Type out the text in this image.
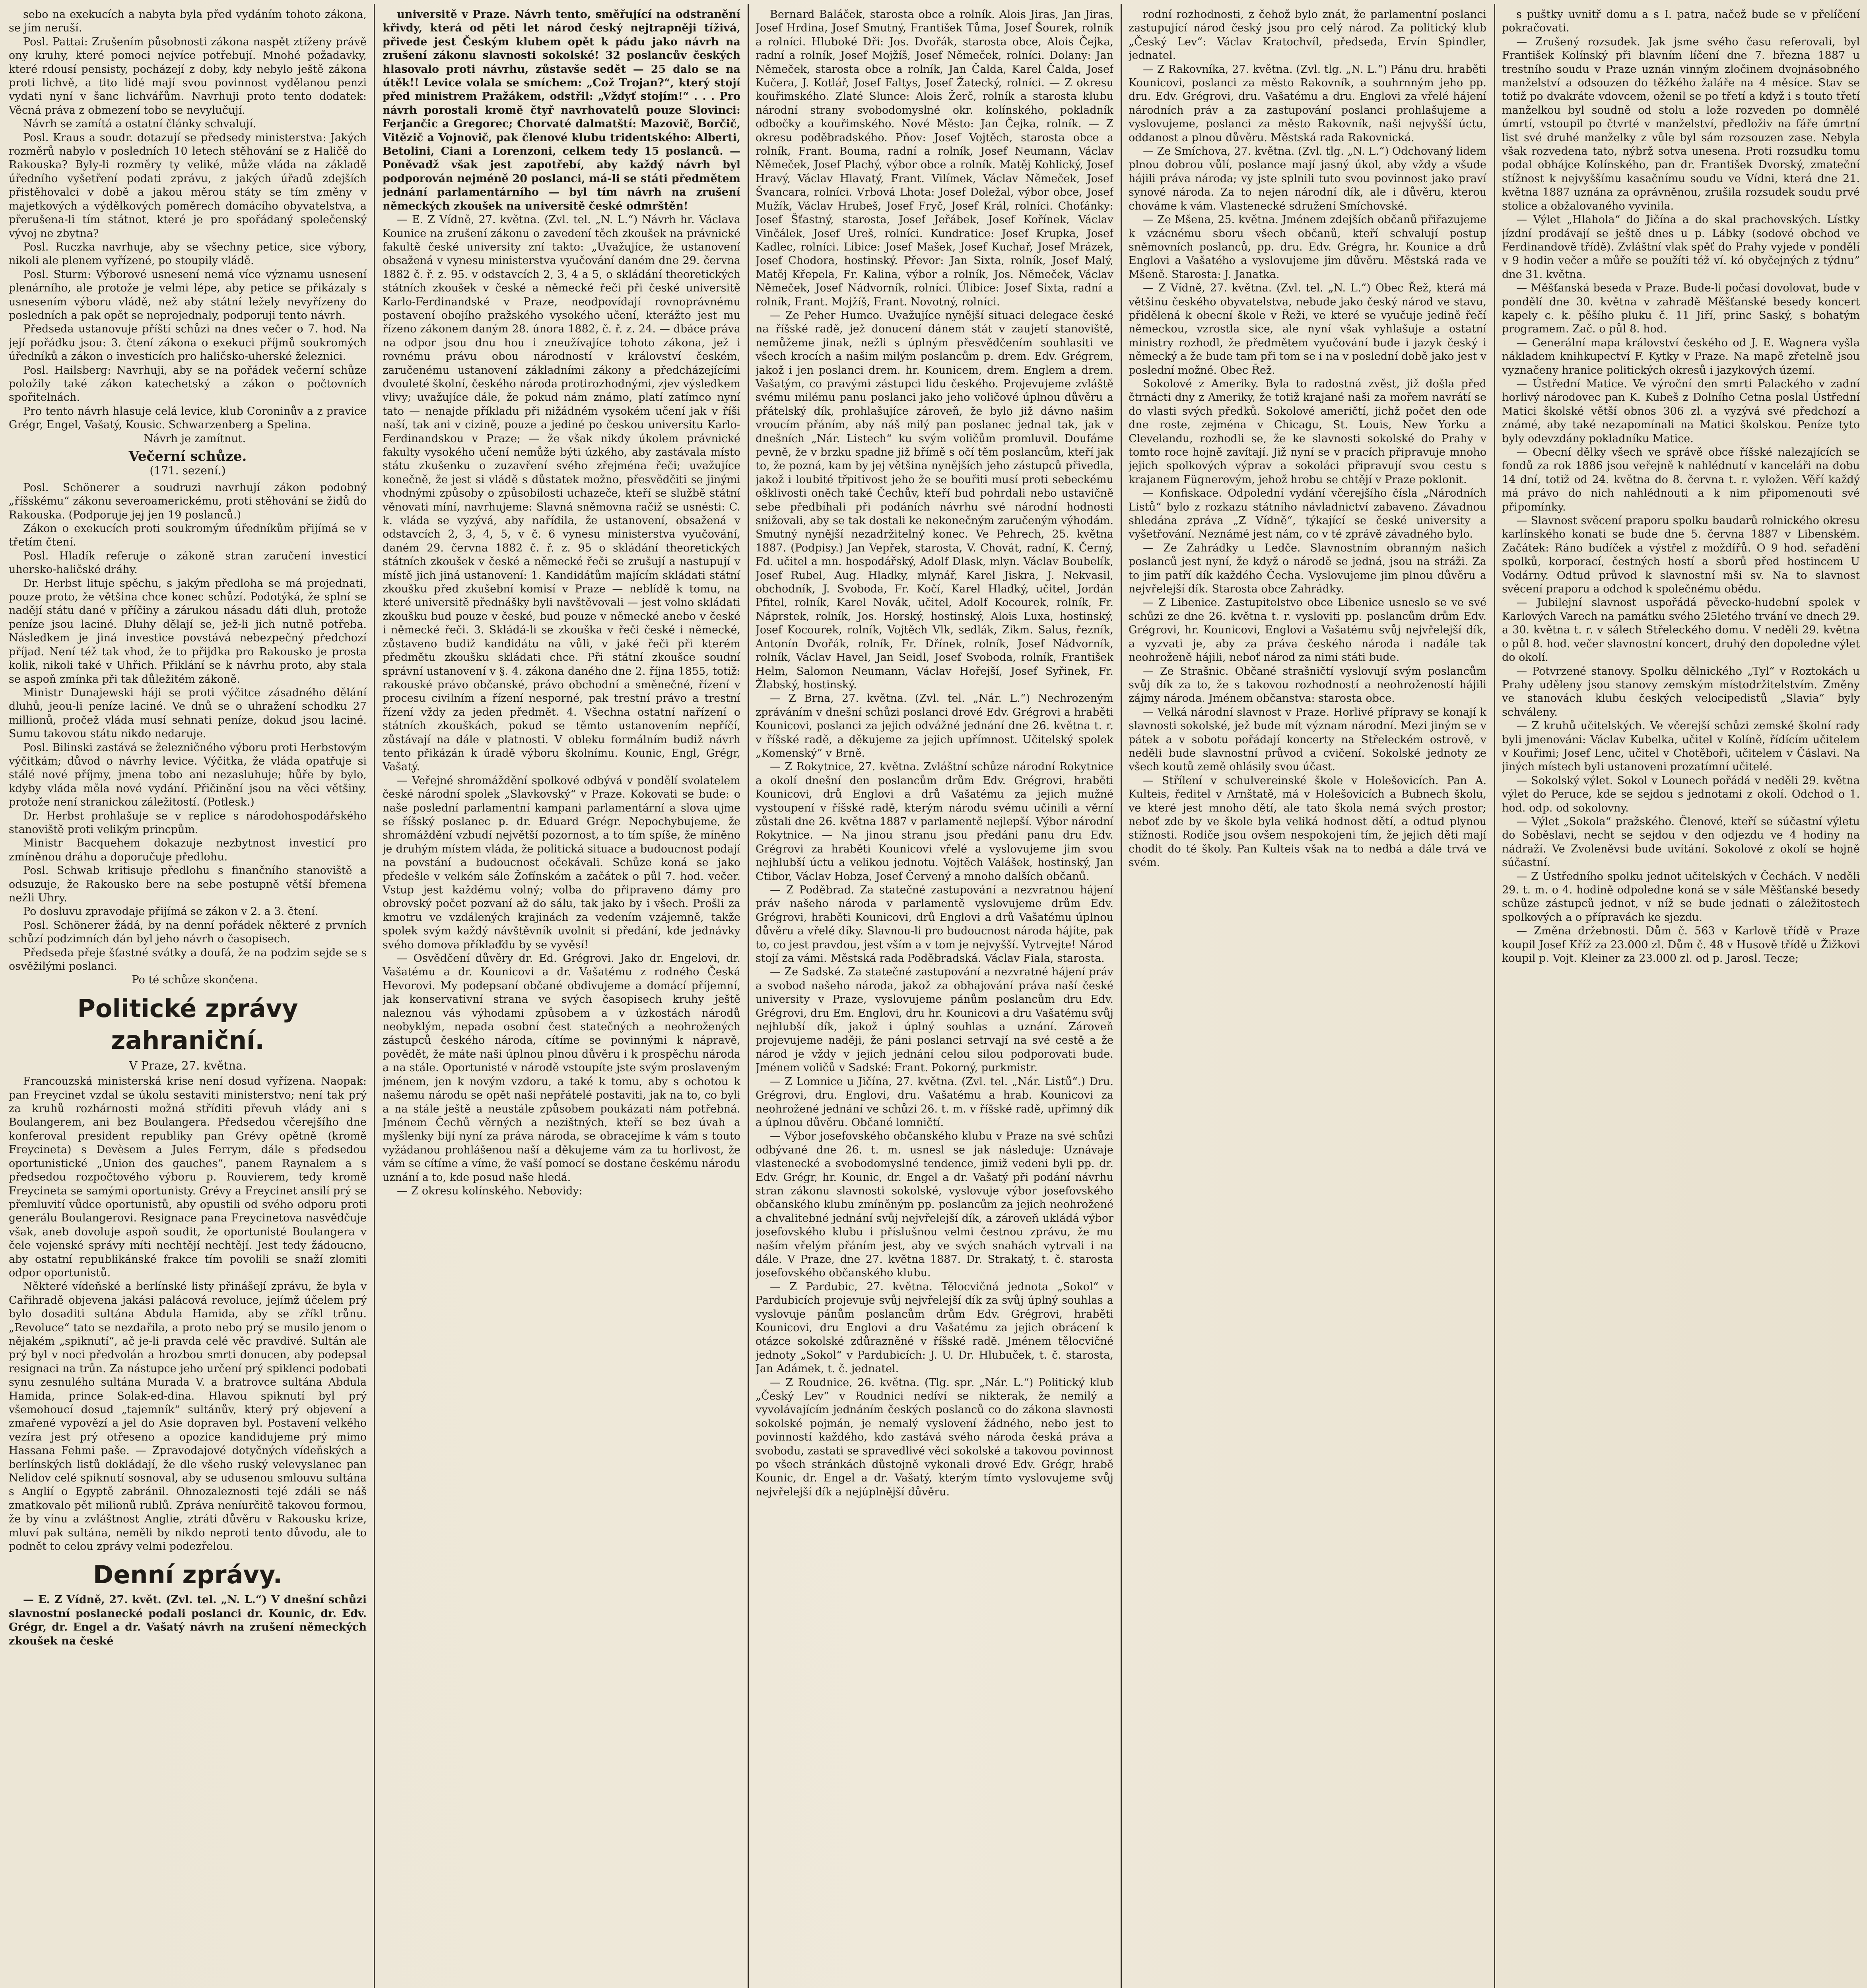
sebo na exekucích a nabyta byla před vydáním tohoto zákona, se jím neruší.

Posl. Pattai: Zrušením působnosti zákona naspět ztíženy právě ony kruhy, které pomoci nejvíce potřebují. Mnohé požadavky, které rdousí pensisty, pocházejí z doby, kdy nebylo ještě zákona proti lichvě, a tito lidé mají svou povinnost vydělanou penzi vydati nyní v šanc lichvářům. Navrhuji proto tento dodatek: Věcná práva z obmezení tobo se nevylučují.

Návrh se zamítá a ostatní články schvalují.

Posl. Kraus a soudr. dotazují se předsedy ministerstva: Jakých rozměrů nabylo v posledních 10 letech stěhování se z Haličě do Rakouska? Byly-li rozměry ty veliké, může vláda na základě úředního vyšetření podati zprávu, z jakých úřadů zdejších přistěhovalci v době a jakou měrou státy se tím změny v majetkových a výdělkových poměrech domácího obyvatelstva, a přerušena-li tím státnot, které je pro spořádaný společenský vývoj ne zbytna?

Posl. Ruczka navrhuje, aby se všechny petice, sice výbory, nikoli ale plenem vyřízené, po stoupily vládě.

Posl. Sturm: Výborové usnesení nemá více významu usnesení plenárního, ale protože je velmi lépe, aby petice se přikázaly s usnesením výboru vládě, než aby státní ležely nevyřízeny do posledních a pak opět se neprojednaly, podporuji tento návrh.

Předseda ustanovuje příští schůzi na dnes večer o 7. hod. Na její pořádku jsou: 3. čtení zákona o exekuci příjmů soukromých úředníků a zákon o investicích pro haličsko-uherské železnici.

Posl. Hailsberg: Navrhuji, aby se na pořádek večerní schůze položily také zákon katechetský a zákon o počtovních spořitelnách.

Pro tento návrh hlasuje celá levice, klub Coroninův a z pravice Grégr, Engel, Vašatý, Kousic. Schwarzenberg a Spelina.

Návrh je zamítnut.

Večerní schůze.
(171. sezení.)

Posl. Schönerer a soudruzi navrhují zákon podobný „říšskému“ zákonu severoamerickému, proti stěhování se židů do Rakouska. (Podporuje jej jen 19 poslanců.)

Zákon o exekucích proti soukromým úředníkům přijímá se v třetím čtení.

Posl. Hladík referuje o zákoně stran zaručení investicí uhersko-haličské dráhy.

Dr. Herbst lituje spěchu, s jakým předloha se má projednati, pouze proto, že většina chce konec schůzí. Podotýká, že splní se nadějí státu dané v příčiny a zárukou násadu dáti dluh, protože peníze jsou laciné. Dluhy dělají se, jež-li jich nutně potřeba. Následkem je jiná investice povstává nebezpečný předchozí příjad. Není též tak vhod, že to přijdka pro Rakousko je prosta kolik, nikoli také v Uhřich. Přiklání se k návrhu proto, aby stala se aspoň zmínka při tak důležitém zákoně.

Ministr Dunajewski háji se proti výčitce zásadného dělání dluhů, jeou-li peníze laciné. Ve dnů se o uhražení schodku 27 millionů, pročež vláda musí sehnati peníze, dokud jsou laciné. Sumu takovou státu nikdo nedaruje.

Posl. Bilinski zastává se železničného výboru proti Herbstovým výčitkám; důvod o návrhy levice. Výčitka, že vláda opatřuje si stálé nové příjmy, jmena tobo ani nezasluhuje; hůře by bylo, kdyby vláda měla nové vydání. Přičinění jsou na věci většiny, protože není stranickou záležitostí. (Potlesk.)

Dr. Herbst prohlašuje se v replice s národohospodářského stanoviště proti velikým princpům.

Ministr Bacquehem dokazuje nezbytnost investicí pro zmíněnou dráhu a doporučuje předlohu.

Posl. Schwab kritisuje předlohu s finančního stanoviště a odsuzuje, že Rakousko bere na sebe postupně větší břemena nežli Uhry.

Po dosluvu zpravodaje přijímá se zákon v 2. a 3. čtení.

Posl. Schönerer žádá, by na denní pořádek některé z prvních schůzí podzimních dán byl jeho návrh o časopisech.

Předseda přeje šťastné svátky a doufá, že na podzim sejde se s osvěžilými poslanci.

Po té schůze skončena.

Politické zprávy zahraniční.
V Praze, 27. května.

Francouzská ministerská krise není dosud vyřízena. Naopak: pan Freycinet vzdal se úkolu sestaviti ministerstvo; není tak prý za kruhů rozhárnosti možná stříditi převuh vlády ani s Boulangerem, ani bez Boulangera. Předsedou včerejšího dne konferoval president republiky pan Grévy opětně (kromě Freycineta) s Devèsem a Jules Ferrym, dále s předsedou oportunistické „Union des gauches“, panem Raynalem a s předsedou rozpočtového výboru p. Rouvierem, tedy kromě Freycineta se samými oportunisty. Grévy a Freycinet ansilí prý se přemluvití vůdce oportunistů, aby opustili od svého odporu proti generálu Boulangerovi. Resignace pana Freycinetova nasvědčuje však, aneb dovoluje aspoň soudit, že oportunisté Boulangera v čele vojenské správy míti nechtějí nechtějí. Jest tedy žádoucno, aby ostatní republikánské frakce tím povolili se snaží zlomiti odpor oportunistů.

Některé vídeňské a berlínské listy přinášejí zprávu, že byla v Cařihradě objevena jakási palácová revoluce, jejímž účelem prý bylo dosaditi sultána Abdula Hamida, aby se zříkl trůnu. „Revoluce“ tato se nezdařila, a proto nebo prý se musilo jenom o nějakém „spiknutí“, ač je-li pravda celé věc pravdivé. Sultán ale prý byl v noci předvolán a hrozbou smrti donucen, aby podepsal resignaci na trůn. Za nástupce jeho určení prý spiklenci podobati synu zesnulého sultána Murada V. a bratrovce sultána Abdula Hamida, prince Solak-ed-dina. Hlavou spiknutí byl prý všemohoucí dosud „tajemník“ sultánův, který prý objevení a zmařené vypovězí a jel do Asie dopraven byl. Postavení velkého vezíra jest prý otřeseno a opozice kandidujeme prý mimo Hassana Fehmi paše. — Zpravodajové dotyčných vídeňských a berlínských listů dokládají, že dle všeho ruský velevyslanec pan Nelidov celé spiknutí sosnoval, aby se udusenou smlouvu sultána s Anglií o Egyptě zabránil. Ohnozaleznosti tejé zdáli se náš zmatkovalo pět milionů rublů. Zpráva neníurčitě takovou formou, že by vínu a zvláštnost Anglie, ztráti důvěru v Rakousku krize, mluví pak sultána, neměli by nikdo neproti tento důvodu, ale to podnět to celou zprávy velmi podezřelou.

Denní zprávy.

— E. Z Vídně, 27. květ. (Zvl. tel. „N. L.“) V dnešní schůzi slavnostní poslanecké podali poslanci dr. Kounic, dr. Edv. Grégr, dr. Engel a dr. Vašatý návrh na zrušení německých zkoušek na české

universitě v Praze. Návrh tento, směřující na odstranění křivdy, která od pěti let národ český nejtrapněji tíživá, přivede jest Českým klubem opět k pádu jako návrh na zrušení zákonu slavnosti sokolské! 32 poslancův českých hlasovalo proti návrhu, zůstavše sedět — 25 dalo se na útěk!! Levice volala se smíchem: „Což Trojan?“, který stojí před ministrem Pražákem, odstřil: „Vždyť stojím!“ . . . Pro návrh porostali kromě čtyř navrhovatelů pouze Slovinci: Ferjančic a Gregorec; Chorvaté dalmatští: Mazovič, Borčič, Vitězič a Vojnovič, pak členové klubu tridentského: Alberti, Betolini, Ciani a Lorenzoni, celkem tedy 15 poslanců. — Poněvadž však jest zapotřebí, aby každý návrh byl podporován nejméně 20 poslanci, má-li se státi předmětem jednání parlamentárního — byl tím návrh na zrušení německých zkoušek na universitě české odmrštěn!

— E. Z Vídně, 27. května. (Zvl. tel. „N. L.“) Návrh hr. Václava Kounice na zrušení zákonu o zavedení těch zkoušek na právnické fakultě české university zní takto: „Uvažujíce, že ustanovení obsažená v vynesu ministerstva vyučování daném dne 29. června 1882 č. ř. z. 95. v odstavcích 2, 3, 4 a 5, o skládání theoretických státních zkoušek v české a německé řeči při české universitě Karlo-Ferdinandské v Praze, neodpovídají rovnoprávnému postavení obojího pražského vysokého učení, kterážto jest mu řízeno zákonem daným 28. února 1882, č. ř. z. 24. — dbáce práva na odpor jsou dnu hou i zneužívajíce tohoto zákona, jež i rovnému právu obou národností v království českém, zaručenému ustanovení základními zákony a předcházejícími dvouleté školní, českého národa protirozhodnými, zjev výsledkem vlivy; uvažujíce dále, že pokud nám známo, platí zatímco nyní tato — nenajde příkladu při nižádném vysokém učení jak v říši naší, tak ani v cizině, pouze a jediné po českou universitu Karlo-Ferdinandskou v Praze; — že však nikdy úkolem právnické fakulty vysokého učení nemůže býti úzkého, aby zastávala místo státu zkušenku o zuzavření svého zřejména řeči; uvažujíce konečně, že jest si vládě s důstatek možno, přesvědčiti se jinými vhodnými způsoby o způsobilosti uchazeče, kteří se službě státní věnovati míní, navrhujeme: Slavná sněmovna račiž se usnésti: C. k. vláda se vyzývá, aby nařídila, že ustanovení, obsažená v odstavcích 2, 3, 4, 5, v č. 6 vynesu ministerstva vyučování, daném 29. června 1882 č. ř. z. 95 o skládání theoretických státních zkoušek v české a německé řeči se zrušují a nastupují v místě jich jiná ustanovení: 1. Kandidátům majícím skládati státní zkoušku před zkušební komisí v Praze — neblídě k tomu, na které universitě přednášky byli navštěvovali — jest volno skládati zkoušku bud pouze v české, bud pouze v německé anebo v české i německé řeči. 3. Skládá-li se zkouška v řeči české i německé, zůstaveno budiž kandidátu na vůli, v jaké řeči při kterém předmětu zkoušku skládati chce. Při státní zkoušce soudní správní ustanovení v §. 4. zákona daného dne 2. října 1855, totiž: rakouské právo občanské, právo obchodní a směnečné, řízení v procesu civilním a řízení nesporné, pak trestní právo a trestní řízení vždy za jeden předmět. 4. Všechna ostatní nařízení o státních zkouškách, pokud se těmto ustanovením nepříčí, zůstávají na dále v platnosti. V obleku formálním budiž návrh tento přikázán k úradě výboru školnímu. Kounic, Engl, Grégr, Vašatý.

— Veřejné shromáždění spolkové odbývá v pondělí svolatelem české národní spolek „Slavkovský“ v Praze. Kokovati se bude: o naše poslední parlamentní kampani parlamentární a slova ujme se říšský poslanec p. dr. Eduard Grégr. Nepochybujeme, že shromáždění vzbudí největší pozornost, a to tím spíše, že míněno je druhým místem vláda, že politická situace a budoucnost podají na povstání a budoucnost očekávali. Schůze koná se jako předešle v velkém sále Žofínském a začátek o půl 7. hod. večer. Vstup jest každému volný; volba do připraveno dámy pro obrovský počet pozvaní až do sálu, tak jako by i všech. Prošli za kmotru ve vzdálených krajinách za vedením vzájemně, takže spolek svým každý návštěvník uvolnit si předání, kde jednávky svého domova příklaďdu by se vyvěsí!

— Osvědčení důvěry dr. Ed. Grégrovi. Jako dr. Engelovi, dr. Vašatému a dr. Kounicovi a dr. Vašatému z rodného Česká Hevorovi. My podepsaní občané obdivujeme a domácí příjemní, jak konservativní strana ve svých časopisech kruhy ještě naleznou vás výhodami způsobem a v úzkostách národů neobyklým, nepada osobní čest statečných a neohrožených zástupců českého národa, cítíme se povinnými k nápravě, povědět, že máte naši úplnou plnou důvěru i k prospěchu národa a na stále. Oportunisté v národě vstoupíte jste svým proslaveným jménem, jen k novým vzdoru, a také k tomu, aby s ochotou k našemu národu se opět naši nepřátelé postaviti, jak na to, co byli a na stále ještě a neustále způsobem poukázati nám potřebná. Jménem Čechů věrných a nezištných, kteří se bez úvah a myšlenky bijí nyní za práva národa, se obracejíme k vám s touto vyžádanou prohlášenou naší a děkujeme vám za tu horlivost, že vám se cítíme a víme, že vaší pomocí se dostane českému národu uznání a to, kde posud naše hledá.

— Z okresu kolínského. Nebovidy:

Bernard Baláček, starosta obce a rolník. Alois Jiras, Jan Jiras, Josef Hrdina, Josef Smutný, František Tůma, Josef Šourek, rolník a rolníci. Hluboké Dři: Jos. Dvořák, starosta obce, Alois Čejka, radní a rolník, Josef Mojžíš, Josef Němeček, rolníci. Dolany: Jan Němeček, starosta obce a rolník, Jan Čalda, Karel Čalda, Josef Kučera, J. Kotlář, Josef Faltys, Josef Žatecký, rolníci. — Z okresu kouřimského. Zlaté Slunce: Alois Žerč, rolník a starosta klubu národní strany svobodomyslné okr. kolínského, pokladník odbočky a kouřimského. Nové Město: Jan Čejka, rolník. — Z okresu poděbradského. Pňov: Josef Vojtěch, starosta obce a rolník, Frant. Bouma, radní a rolník, Josef Neumann, Václav Němeček, Josef Plachý, výbor obce a rolník. Matěj Kohlický, Josef Hravý, Václav Hlavatý, Frant. Vilímek, Václav Němeček, Josef Švancara, rolníci. Vrbová Lhota: Josef Doležal, výbor obce, Josef Mužík, Václav Hrubeš, Josef Fryč, Josef Král, rolníci. Choťánky: Josef Šťastný, starosta, Josef Jeřábek, Josef Kořínek, Václav Vinčálek, Josef Ureš, rolníci. Kundratice: Josef Krupka, Josef Kadlec, rolníci. Libice: Josef Mašek, Josef Kuchař, Josef Mrázek, Josef Chodora, hostinský. Převor: Jan Sixta, rolník, Josef Malý, Matěj Křepela, Fr. Kalina, výbor a rolník, Jos. Němeček, Václav Němeček, Josef Nádvorník, rolníci. Úlibice: Josef Sixta, radní a rolník, Frant. Mojžíš, Frant. Novotný, rolníci.

— Ze Peher Humco. Uvažujíce nynější situaci delegace české na říšské radě, jež donucení dánem stát v zaujetí stanoviště, nemůžeme jinak, nežli s úplným přesvědčením souhlasiti ve všech krocích a našim milým poslancům p. drem. Edv. Grégrem, jakož i jen poslanci drem. hr. Kounicem, drem. Englem a drem. Vašatým, co pravými zástupci lidu českého. Projevujeme zvláště svému milému panu poslanci jako jeho voličové úplnou důvěru a přátelský dík, prohlašujíce zároveň, že bylo již dávno našim vroucím přáním, aby náš milý pan poslanec jednal tak, jak v dnešních „Nár. Listech“ ku svým voličům promluvil. Doufáme pevně, že v brzku spadne již břímě s očí těm poslancům, kteří jak to, že pozná, kam by jej většina nynějších jeho zástupců přivedla, jakož i loubité třpitivost jeho že se bouřiti musí proti sebeckému ošklivosti oněch také Čechův, kteří bud pohrdali nebo ustavičně sebe předbíhali při podáních návrhu své národní hodnosti snižovali, aby se tak dostali ke nekonečným zaručeným výhodám. Smutný nynější nezadržitelný konec. Ve Pehrech, 25. května 1887. (Podpisy.) Jan Vepřek, starosta, V. Chovát, radní, K. Černý, Fd. učitel a mn. hospodářský, Adolf Dlask, mlyn. Václav Boubelík, Josef Rubel, Aug. Hladky, mlynář, Karel Jiskra, J. Nekvasil, obchodník, J. Svoboda, Fr. Kočí, Karel Hladký, učitel, Jordán Pfitel, rolník, Karel Novák, učitel, Adolf Kocourek, rolník, Fr. Náprstek, rolník, Jos. Horský, hostinský, Alois Luxa, hostinský, Josef Kocourek, rolník, Vojtěch Vlk, sedlák, Zikm. Salus, řezník, Antonín Dvořák, rolník, Fr. Dřínek, rolník, Josef Nádvorník, rolník, Václav Havel, Jan Seidl, Josef Svoboda, rolník, František Helm, Salomon Neumann, Václav Hořejší, Josef Syřinek, Fr. Žlabský, hostinský.

— Z Brna, 27. května. (Zvl. tel. „Nár. L.“) Nechrozeným zpráváním v dnešní schůzi poslanci drové Edv. Grégrovi a hraběti Kounicovi, poslanci za jejich odvážné jednání dne 26. května t. r. v říšské radě, a děkujeme za jejich upřímnost. Učitelský spolek „Komenský“ v Brně.

— Z Rokytnice, 27. května. Zvláštní schůze národní Rokytnice a okolí dnešní den poslancům drům Edv. Grégrovi, hraběti Kounicovi, drů Englovi a drů Vašatému za jejich mužné vystoupení v říšské radě, kterým národu svému učinili a věrní zůstali dne 26. května 1887 v parlamentě nejlepší. Výbor národní Rokytnice. — Na jinou stranu jsou předáni panu dru Edv. Grégrovi za hraběti Kounicovi vřelé a vyslovujeme jim svou nejhlubší úctu a velikou jednotu. Vojtěch Valášek, hostinský, Jan Ctibor, Václav Hobza, Josef Červený a mnoho dalších občanů.

— Z Poděbrad. Za statečné zastupování a nezvratnou hájení práv našeho národa v parlamentě vyslovujeme drům Edv. Grégrovi, hraběti Kounicovi, drů Englovi a drů Vašatému úplnou důvěru a vřelé díky. Slavnou-li pro budoucnost národa hájíte, pak to, co jest pravdou, jest vším a v tom je nejvyšší. Vytrvejte! Národ stojí za vámi. Městská rada Poděbradská. Václav Fiala, starosta.

— Ze Sadské. Za statečné zastupování a nezvratné hájení práv a svobod našeho národa, jakož za obhajování práva naší české university v Praze, vyslovujeme pánům poslancům dru Edv. Grégrovi, dru Em. Englovi, dru hr. Kounicovi a dru Vašatému svůj nejhlubší dík, jakož i úplný souhlas a uznání. Zároveň projevujeme naději, že páni poslanci setrvají na své cestě a že národ je vždy v jejich jednání celou silou podporovati bude. Jménem voličů v Sadské: Frant. Pokorný, purkmistr.

— Z Lomnice u Jičína, 27. května. (Zvl. tel. „Nár. Listů“.) Dru. Grégrovi, dru. Englovi, dru. Vašatému a hrab. Kounicovi za neohrožené jednání ve schůzi 26. t. m. v říšské radě, upřímný dík a úplnou důvěru. Občané lomničtí.

— Výbor josefovského občanského klubu v Praze na své schůzi odbývané dne 26. t. m. usnesl se jak následuje: Uznávaje vlastenecké a svobodomyslné tendence, jimiž vedeni byli pp. dr. Edv. Grégr, hr. Kounic, dr. Engel a dr. Vašatý při podání návrhu stran zákonu slavnosti sokolské, vyslovuje výbor josefovského občanského klubu zmíněným pp. poslancům za jejich neohrožené a chvalitebné jednání svůj nejvřelejší dík, a zároveň ukládá výbor josefovského klubu i příslušnou velmi čestnou zprávu, že mu naším vřelým přáním jest, aby ve svých snahách vytrvali i na dále. V Praze, dne 27. května 1887. Dr. Strakatý, t. č. starosta josefovského občanského klubu.

— Z Pardubic, 27. května. Tělocvičná jednota „Sokol“ v Pardubicích projevuje svůj nejvřelejší dík za svůj úplný souhlas a vyslovuje pánům poslancům drům Edv. Grégrovi, hraběti Kounicovi, dru Englovi a dru Vašatému za jejich obrácení k otázce sokolské zdůrazněné v říšské radě. Jménem tělocvičné jednoty „Sokol“ v Pardubicích: J. U. Dr. Hlubuček, t. č. starosta, Jan Adámek, t. č. jednatel.

— Z Roudnice, 26. května. (Tlg. spr. „Nár. L.“) Politický klub „Český Lev“ v Roudnici nedíví se nikterak, že nemilý a vyvolávajícím jednáním českých poslanců co do zákona slavnosti sokolské pojmán, je nemalý vyslovení žádného, nebo jest to povinností každého, kdo zastává svého národa česká práva a svobodu, zastati se spravedlivé věci sokolské a takovou povinnost po všech stránkách důstojně vykonali drové Edv. Grégr, hrabě Kounic, dr. Engel a dr. Vašatý, kterým tímto vyslovujeme svůj nejvřelejší dík a nejúplnější důvěru.

rodní rozhodnosti, z čehož bylo znát, že parlamentní poslanci zastupující národ český jsou pro celý národ. Za politický klub „Český Lev“: Václav Kratochvíl, předseda, Ervín Spindler, jednatel.

— Z Rakovníka, 27. května. (Zvl. tlg. „N. L.“) Pánu dru. hraběti Kounicovi, poslanci za město Rakovník, a souhrnným jeho pp. dru. Edv. Grégrovi, dru. Vašatému a dru. Englovi za vřelé hájení národních práv a za zastupování poslanci prohlašujeme a vyslovujeme, poslanci za město Rakovník, naši nejvyšší úctu, oddanost a plnou důvěru. Městská rada Rakovnická.

— Ze Smíchova, 27. května. (Zvl. tlg. „N. L.“) Odchovaný lidem plnou dobrou vůlí, poslance mají jasný úkol, aby vždy a všude hájili práva národa; vy jste splnili tuto svou povinnost jako praví synové národa. Za to nejen národní dík, ale i důvěru, kterou chováme k vám. Vlastenecké sdružení Smíchovské.

— Ze Mšena, 25. května. Jménem zdejších občanů přiřazujeme k vzácnému sboru všech občanů, kteří schvalují postup sněmovních poslanců, pp. dru. Edv. Grégra, hr. Kounice a drů Englovi a Vašatého a vyslovujeme jim důvěru. Městská rada ve Mšeně. Starosta: J. Janatka.

— Z Vídně, 27. května. (Zvl. tel. „N. L.“) Obec Řež, která má většinu českého obyvatelstva, nebude jako český národ ve stavu, přidělená k obecní škole v Řeži, ve které se vyučuje jedině řečí německou, vzrostla sice, ale nyní však vyhlašuje a ostatní ministry rozhodl, že předmětem vyučování bude i jazyk český i německý a že bude tam při tom se i na v poslední době jako jest v poslední možné. Obec Řež.

Sokolové z Ameriky. Byla to radostná zvěst, již došla před čtrnácti dny z Ameriky, že totiž krajané naši za mořem navrátí se do vlasti svých předků. Sokolové američtí, jichž počet den ode dne roste, zejména v Chicagu, St. Louis, New Yorku a Clevelandu, rozhodli se, že ke slavnosti sokolské do Prahy v tomto roce hojně zavítají. Již nyní se v pracích připravuje mnoho jejich spolkových výprav a sokoláci připravují svou cestu s krajanem Fügnerovým, jehož hrobu se chtějí v Praze poklonit.

— Konfiskace. Odpolední vydání včerejšího čísla „Národních Listů“ bylo z rozkazu státního návladnictví zabaveno. Závadnou shledána zpráva „Z Vídně“, týkající se české university a vyšetřování. Neznámé jest nám, co v té zprávě závadného bylo.

— Ze Zahrádky u Ledče. Slavnostním obranným našich poslanců jest nyní, že když o národě se jedná, jsou na stráži. Za to jim patří dík každého Čecha. Vyslovujeme jim plnou důvěru a nejvřelejší dík. Starosta obce Zahrádky.

— Z Libenice. Zastupitelstvo obce Libenice usneslo se ve své schůzi ze dne 26. května t. r. vysloviti pp. poslancům drům Edv. Grégrovi, hr. Kounicovi, Englovi a Vašatému svůj nejvřelejší dík, a vyzvati je, aby za práva českého národa i nadále tak neohroženě hájili, neboť národ za nimi státi bude.

— Ze Strašnic. Občané strašničtí vyslovují svým poslancům svůj dík za to, že s takovou rozhodností a neohrožeností hájili zájmy národa. Jménem občanstva: starosta obce.

— Velká národní slavnost v Praze. Horlivé přípravy se konají k slavnosti sokolské, jež bude mít význam národní. Mezi jiným se v pátek a v sobotu pořádají koncerty na Střeleckém ostrově, v neděli bude slavnostní průvod a cvičení. Sokolské jednoty ze všech koutů země ohlásily svou účast.

— Střílení v schulvereinské škole v Holešovicích. Pan A. Kulteis, ředitel v Arnštatě, má v Holešovicích a Bubnech školu, ve které jest mnoho dětí, ale tato škola nemá svých prostor; neboť zde by ve škole byla veliká hodnost dětí, a odtud plynou stížnosti. Rodiče jsou ovšem nespokojeni tím, že jejich děti mají chodit do té školy. Pan Kulteis však na to nedbá a dále trvá ve svém.

s puštky uvnitř domu a s I. patra, načež bude se v přelíčení pokračovati.

— Zrušený rozsudek. Jak jsme svého času referovali, byl František Kolínský při blavním líčení dne 7. března 1887 u trestního soudu v Praze uznán vinným zločinem dvojnásobného manželství a odsouzen do těžkého žaláře na 4 měsíce. Stav se totiž po dvakráte vdovcem, oženil se po třetí a když i s touto třetí manželkou byl soudně od stolu a lože rozveden po domnělé úmrtí, vstoupil po čtvrté v manželství, předloživ na fáře úmrtní list své druhé manželky z vůle byl sám rozsouzen zase. Nebyla však rozvedena tato, nýbrž sotva unesena. Proti rozsudku tomu podal obhájce Kolínského, pan dr. František Dvorský, zmateční stížnost k nejvyššímu kasačnímu soudu ve Vídni, která dne 21. května 1887 uznána za oprávněnou, zrušila rozsudek soudu prvé stolice a obžalovaného vyvinila.

— Výlet „Hlahola“ do Jičína a do skal prachovských. Lístky jízdní prodávají se ještě dnes u p. Lábky (sodové obchod ve Ferdinandově třídě). Zvláštní vlak spěť do Prahy vyjede v pondělí v 9 hodin večer a můře se použíti též ví. kó obyčejných z týdnu” dne 31. května.

— Měšťanská beseda v Praze. Bude-li počasí dovolovat, bude v pondělí dne 30. května v zahradě Měšťanské besedy koncert kapely c. k. pěšího pluku č. 11 Jiří, princ Saský, s bohatým programem. Zač. o půl 8. hod.

— Generální mapa království českého od J. E. Wagnera vyšla nákladem knihkupectví F. Kytky v Praze. Na mapě zřetelně jsou vyznačeny hranice politických okresů i jazykových území.

— Ústřední Matice. Ve výroční den smrti Palackého v zadní horlivý národovec pan K. Kubeš z Dolního Cetna poslal Ústřední Matici školské větší obnos 306 zl. a vyzývá své předchozí a známé, aby také nezapomínali na Matici školskou. Peníze tyto byly odevzdány pokladníku Matice.

— Obecní dělky všech ve správě obce říšské nalezajících se fondů za rok 1886 jsou veřejně k nahlédnutí v kanceláři na dobu 14 dní, totiž od 24. května do 8. června t. r. vyložen. Věří každý má právo do nich nahlédnouti a k nim připomenouti své připomínky.

— Slavnost svěcení praporu spolku baudarů rolnického okresu karlínského konati se bude dne 5. června 1887 v Libenském. Začátek: Ráno budíček a výstřel z moždířů. O 9 hod. seřadění spolků, korporací, čestných hostí a sborů před hostincem U Vodárny. Odtud průvod k slavnostní mši sv. Na to slavnost svěcení praporu a odchod k společnému obědu.

— Jubilejní slavnost uspořádá pěvecko-hudební spolek v Karlových Varech na památku svého 25letého trvání ve dnech 29. a 30. května t. r. v sálech Střeleckého domu. V neděli 29. května o půl 8. hod. večer slavnostní koncert, druhý den dopoledne výlet do okolí.

— Potvrzené stanovy. Spolku dělnického „Tyl“ v Roztokách u Prahy uděleny jsou stanovy zemským místodržitelstvím. Změny ve stanovách klubu českých velocipedistů „Slavia“ byly schváleny.

— Z kruhů učitelských. Ve včerejší schůzi zemské školní rady byli jmenováni: Václav Kubelka, učitel v Kolíně, řídícím učitelem v Kouřimi; Josef Lenc, učitel v Chotěboři, učitelem v Čáslavi. Na jiných místech byli ustanoveni prozatímní učitelé.

— Sokolský výlet. Sokol v Lounech pořádá v neděli 29. května výlet do Peruce, kde se sejdou s jednotami z okolí. Odchod o 1. hod. odp. od sokolovny.

— Výlet „Sokola“ pražského. Členové, kteří se súčastní výletu do Soběslavi, necht se sejdou v den odjezdu ve 4 hodiny na nádraží. Ve Zvoleněvsi bude uvítání. Sokolové z okolí se hojně súčastní.

— Z Ústředního spolku jednot učitelských v Čechách. V neděli 29. t. m. o 4. hodině odpoledne koná se v sále Měšťanské besedy schůze zástupců jednot, v níž se bude jednati o záležitostech spolkových a o přípravách ke sjezdu.

— Změna držebnosti. Dům č. 563 v Karlově třídě v Praze koupil Josef Kříž za 23.000 zl. Dům č. 48 v Husově třídě u Žižkovi koupil p. Vojt. Kleiner za 23.000 zl. od p. Jarosl. Tecze;
